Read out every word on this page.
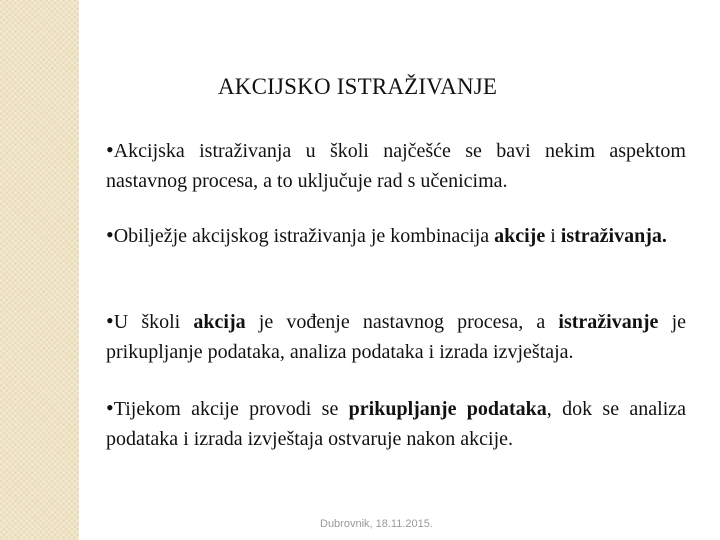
AKCIJSKO ISTRAŽIVANJE
•Akcijska istraživanja u školi najčešće se bavi nekim aspektom nastavnog procesa, a to uključuje rad s učenicima.
•Obilježje akcijskog istraživanja je kombinacija akcije i istraživanja.
•U školi akcija je vođenje nastavnog procesa, a istraživanje je prikupljanje podataka, analiza podataka i izrada izvještaja.
•Tijekom akcije provodi se prikupljanje podataka, dok se analiza podataka i izrada izvještaja ostvaruje nakon akcije.
Dubrovnik, 18.11.2015.
